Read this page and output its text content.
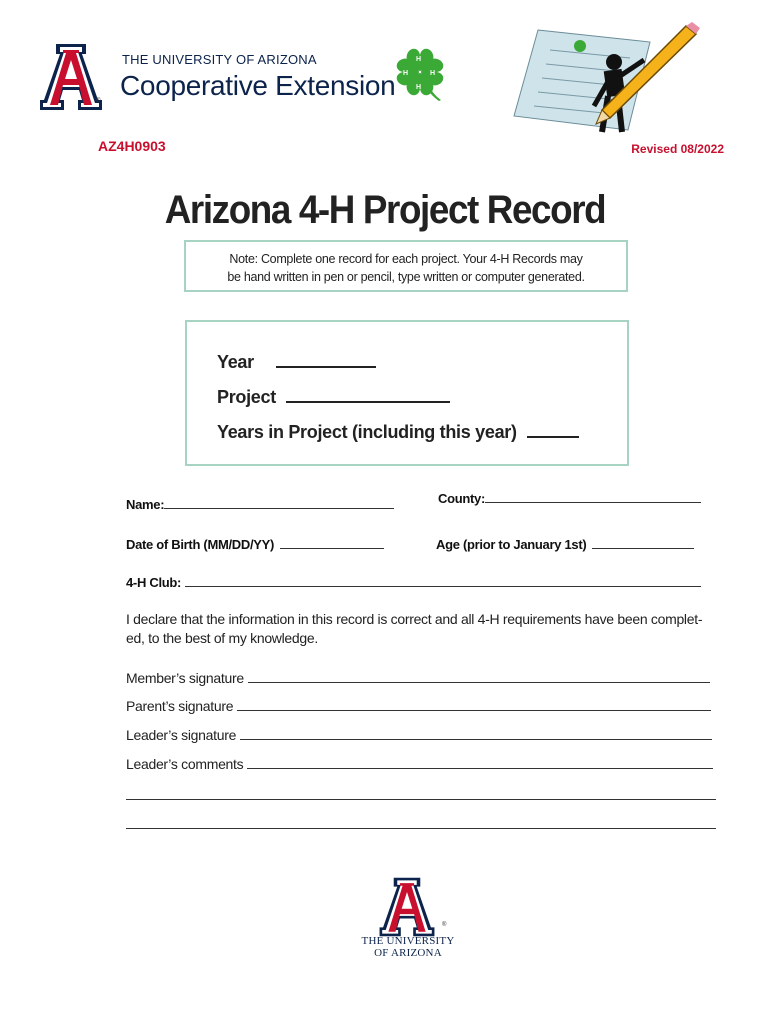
®
THE UNIVERSITY OF ARIZONA
Cooperative Extension
H
H
H	H
AZ4H0903	Revised 08/2022
Arizona 4-H Project Record
Note: Complete one record for each project. Your 4-H Records may
be hand written in pen or pencil, type written or computer generated.
Year
Project
Years in Project (including this year)
Name:	County:
Date of Birth (MM/DD/YY)	Age (prior to January 1st)
4-H Club:
I declare that the information in this record is correct and all 4-H requirements have been complet-
ed, to the best of my knowledge.
Member’s signature
Parent’s signature
Leader’s signature
Leader’s comments
®
THE UNIVERSITY
OF ARIZONA
